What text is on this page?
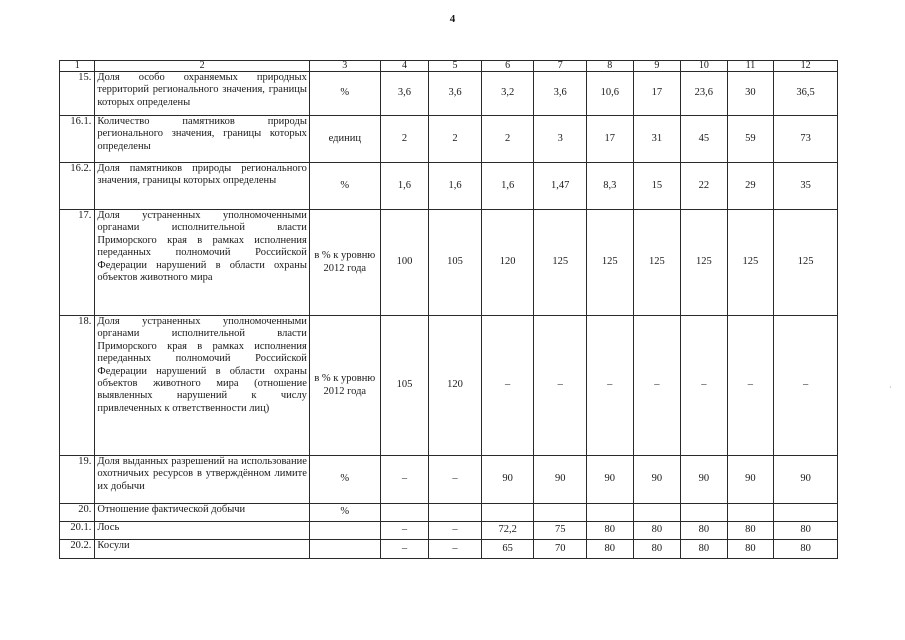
4
1	2	3	4	5	6	7	8	9	10	11	12
15.	Доля особо охраняемых природных территорий регионального значения, границы которых определены	%	3,6	3,6	3,2	3,6	10,6	17	23,6	30	36,5
16.1.	Количество памятников природы регионального значения, границы которых определены	единиц	2	2	2	3	17	31	45	59	73
16.2.	Доля памятников природы регионального значения, границы которых определены	%	1,6	1,6	1,6	1,47	8,3	15	22	29	35
17.	Доля устраненных уполномоченными органами исполнительной власти Приморского края в рамках исполнения переданных полномочий Российской Федерации нарушений в области охраны объектов животного мира	в % к уровню 2012 года	100	105	120	125	125	125	125	125	125
18.	Доля устраненных уполномоченными органами исполнительной власти Приморского края в рамках исполнения переданных полномочий Российской Федерации нарушений в области охраны объектов животного мира (отношение выявленных нарушений к числу привлеченных к ответственности лиц)	в % к уровню 2012 года	105	120	–	–	–	–	–	–	–
19.	Доля выданных разрешений на использование охотничьих ресурсов в утверждённом лимите их добычи	%	–	–	90	90	90	90	90	90	90
20.	Отношение фактической добычи	%									
20.1.	Лось		–	–	72,2	75	80	80	80	80	80
20.2.	Косули		–	–	65	70	80	80	80	80	80
·
